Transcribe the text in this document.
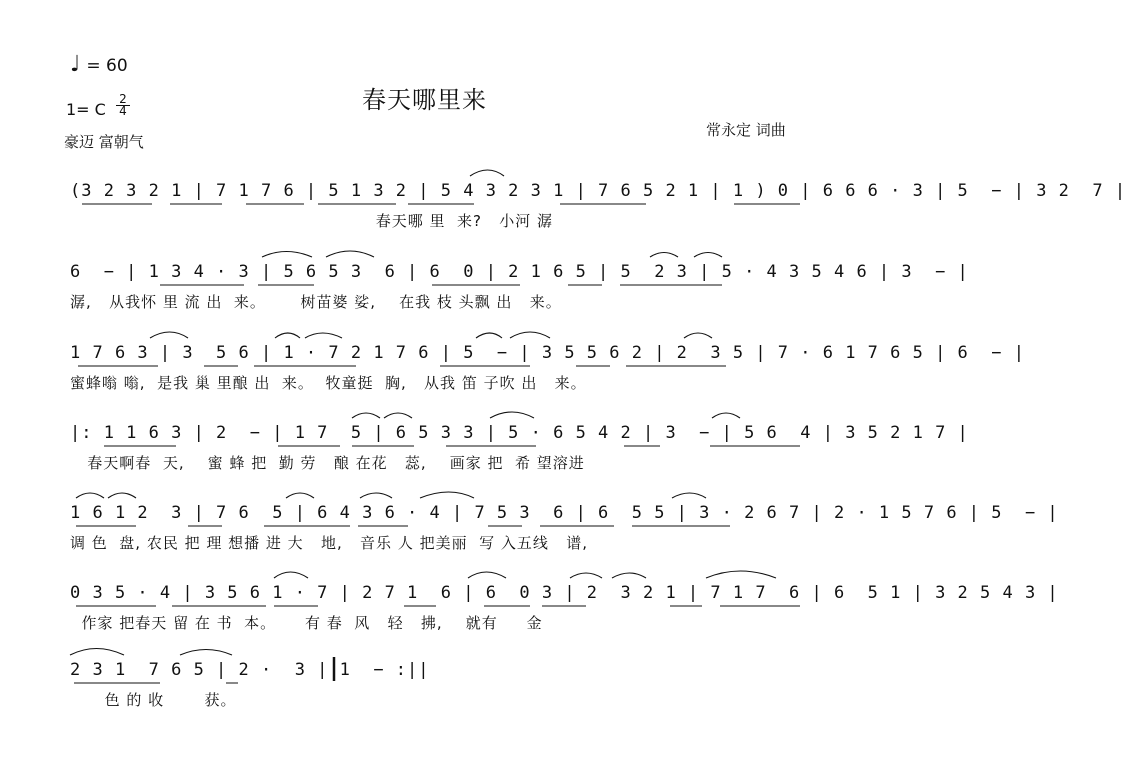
♩ = 60
1= C
2
4
豪迈 富朝气
春天哪里来
常永定 词曲
(3 2 3 2 1 | 7 1 7 6 | 5 1 3 2 | 5 4 3 2 3 1 | 7 6 5 2 1 | 1 ) 0 | 6 6 6 · 3 | 5  − | 3 2  7 |
春天哪 里  来?   小河 潺
6  − | 1 3 4 · 3 | 5 6 5 3  6 | 6  0 | 2 1 6 5 | 5  2 3 | 5 · 4 3 5 4 6 | 3  − |
潺,   从我怀 里 流 出  来。      树苗婆 娑,    在我 枝 头飘 出   来。
1 7 6 3 | 3  5 6 | 1 · 7 2 1 7 6 | 5  − | 3 5 5 6 2 | 2  3 5 | 7 · 6 1 7 6 5 | 6  − |
蜜蜂嗡 嗡,  是我 巢 里酿 出  来。  牧童挺  胸,   从我 笛 子吹 出   来。
|: 1 1 6 3 | 2  − | 1 7  5 | 6 5 3 3 | 5 · 6 5 4 2 | 3  − | 5 6  4 | 3 5 2 1 7 |
春天啊春  天,    蜜 蜂 把  勤 劳   酿 在花   蕊,    画家 把  希 望溶进
1 6 1 2  3 | 7 6  5 | 6 4 3 6 · 4 | 7 5 3  6 | 6  5 5 | 3 · 2 6 7 | 2 · 1 5 7 6 | 5  − |
调 色  盘, 农民 把 理 想播 进 大   地,   音乐 人 把美丽  写 入五线   谱,
0 3 5 · 4 | 3 5 6 1 · 7 | 2 7 1  6 | 6  0 3 | 2  3 2 1 | 7 1 7  6 | 6  5 1 | 3 2 5 4 3 |
作家 把春天 留 在 书  本。     有 春  风   轻   拂,    就有     金
2 3 1  7 6 5 | 2 ·  3 | 1  − :||
色 的 收       获。
